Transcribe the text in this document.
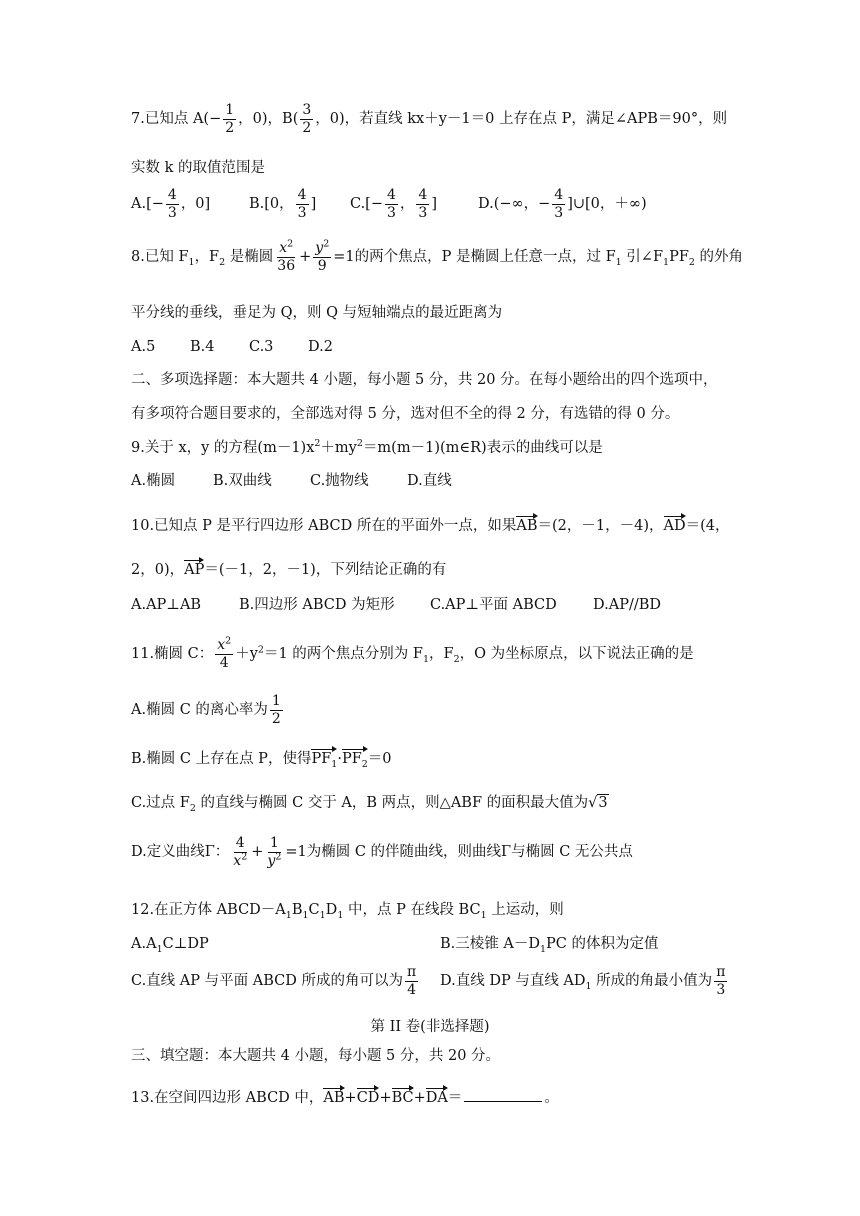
7.已知点 $A(- \frac{1}{2}$ ，0)，$B( \frac{3}{2}$ ，0)，若直线 kx＋y－1＝0 上存在点 P，满足∠APB＝90°，则
实数 k 的取值范围是
$A.[- \frac{4}{3}$ ，0]	B.[0， $\frac{4}{3}$ ] $C.[- \frac{4}{3}$ ， $\frac{4}{3}$ ]	D.(−∞，− $\frac{4}{3}$ ]∪[0，＋∞)
8.已知 $F_1$，$F_2$ 是椭圆 $\frac{x^2}{36} + \frac{y^2}{9} =1$的两个焦点，P 是椭圆上任意一点，过 $F_1$ 引$\angle F_1PF_2$ 的外角
平分线的垂线，垂足为 Q，则 Q 与短轴端点的最近距离为
A.5 B.4 C.3 D.2
二、多项选择题：本大题共 4 小题，每小题 5 分，共 20 分。在每小题给出的四个选项中，
有多项符合题目要求的，全部选对得 5 分，选对但不全的得 2 分，有选错的得 0 分。
9.关于 x，y 的方程$(m-1)x^2+my^2=m(m-1)(m\in R)$表示的曲线可以是
A.椭圆	B.双曲线	C.抛物线	D.直线
10.已知点 P 是平行四边形 ABCD 所在的平面外一点，如果AB＝(2，－1，－4)，AD＝(4，
2，0)，AP＝(－1，2，－1)，下列结论正确的有
A.AP⊥AB	B.四边形 ABCD 为矩形 C.AP⊥平面 ABCD D.AP//BD
11.椭圆 C： $\frac{x^2}{4} +y^2=1$ 的两个焦点分别为 $F_1$，$F_2$，O 为坐标原点，以下说法正确的是
A.椭圆 C 的离心率为 $\frac{1}{2}$
B.椭圆 C 上存在点 P，使得$PF_1\cdot PF_2=0$
C.过点 $F_2$ 的直线与椭圆 C 交于 A，B 两点，则△ABF 的面积最大值为√3
D.定义曲线Γ： $\frac{4}{x^2} + \frac{1}{y^2} =1$为椭圆 C 的伴随曲线，则曲线Γ与椭圆 C 无公共点
12.在正方体 $ABCD-A_1B_1C_1D_1$ 中，点 P 在线段 $BC_1$ 上运动，则
$A.A_1C\perp DP$	B.三棱锥 $A-D_1PC$ 的体积为定值
C.直线 AP 与平面 ABCD 所成的角可以为 $\frac{\pi}{4} D$.直线 DP 与直线 $AD_1$ 所成的角最小值为 $\frac{\pi}{3}$
第 II 卷(非选择题)
三、填空题：本大题共 4 小题，每小题 5 分，共 20 分。
13.在空间四边形 ABCD 中，AB+CD+BC+DA＝	。
